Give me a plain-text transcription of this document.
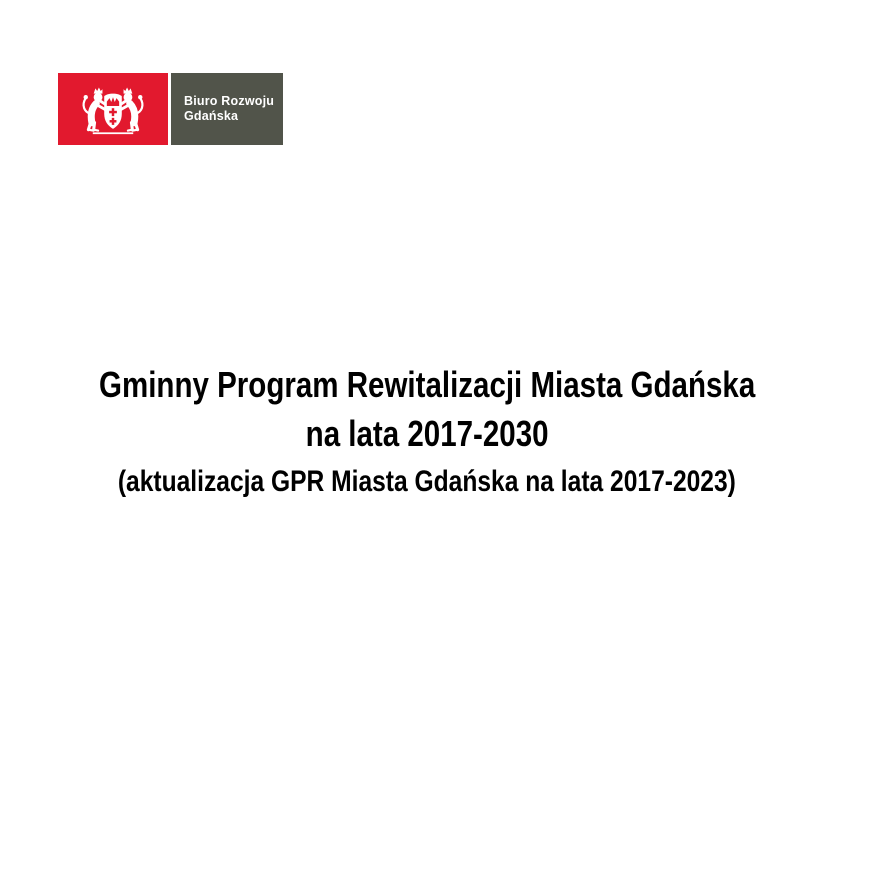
Biuro Rozwoju
Gdańska
Gminny Program Rewitalizacji Miasta Gdańska
na lata 2017-2030
(aktualizacja GPR Miasta Gdańska na lata 2017-2023)
